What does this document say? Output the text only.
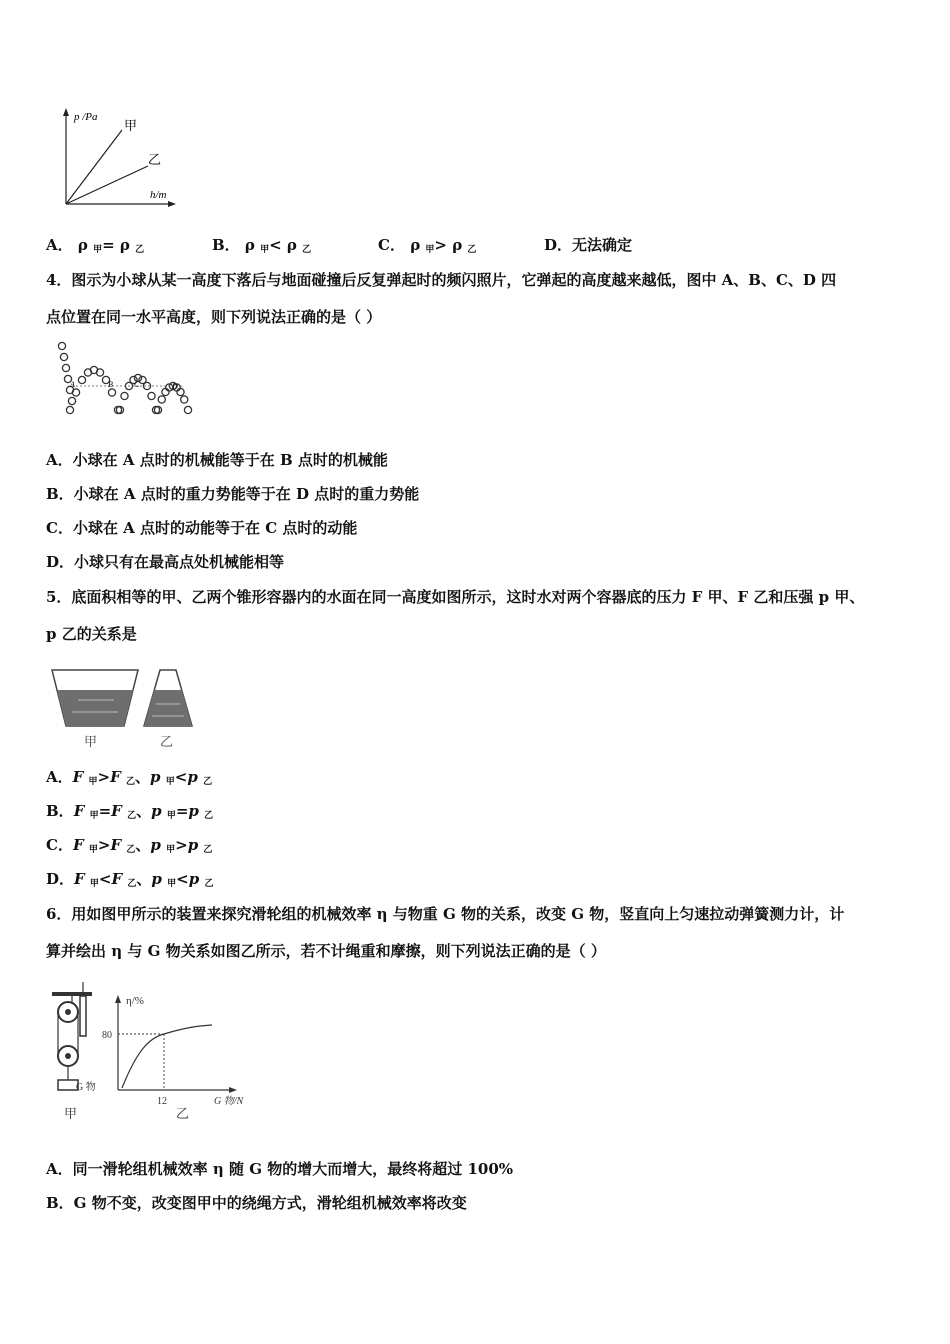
p /Pa
h/m
甲
乙
A． ρ $_甲$= ρ $_乙$	B． ρ $_甲$< ρ $_乙$	C． ρ $_甲$> ρ $_乙$	D．无法确定
4．图示为小球从某一高度下落后与地面碰撞后反复弹起时的频闪照片，它弹起的高度越来越低，图中 A、B、C、D 四
点位置在同一水平高度，则下列说法正确的是（ ）
A	B	C	D
A．小球在 A 点时的机械能等于在 B 点时的机械能
B．小球在 A 点时的重力势能等于在 D 点时的重力势能
C．小球在 A 点时的动能等于在 C 点时的动能
D．小球只有在最高点处机械能相等
5．底面积相等的甲、乙两个锥形容器内的水面在同一高度如图所示，这时水对两个容器底的压力 F 甲、F 乙和压强 p 甲、
p 乙的关系是
甲	乙
A．F $_甲$>F $_乙$、p $_甲$<p $_乙$
B．F $_甲$=F $_乙$、p $_甲$=p $_乙$
C．F $_甲$>F $_乙$、p $_甲$>p $_乙$
D．F $_甲$<F $_乙$、p $_甲$<p $_乙$
6．用如图甲所示的装置来探究滑轮组的机械效率 η 与物重 G 物的关系，改变 G 物，竖直向上匀速拉动弹簧测力计，计
算并绘出 η 与 G 物关系如图乙所示，若不计绳重和摩擦，则下列说法正确的是（ ）
G 物
甲
η/%
80
12	G 物/N
乙
A．同一滑轮组机械效率 η 随 G 物的增大而增大，最终将超过 100%
B．G 物不变，改变图甲中的绕绳方式，滑轮组机械效率将改变
